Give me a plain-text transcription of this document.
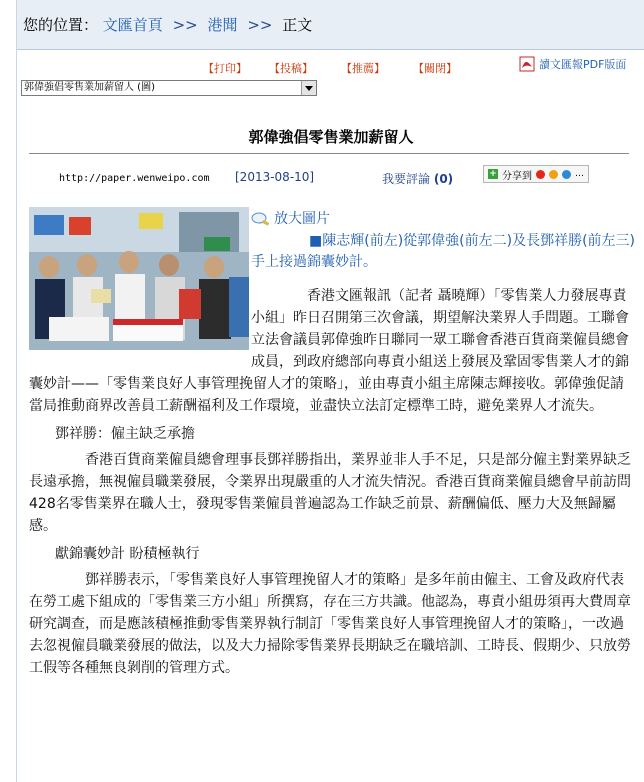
您的位置： 文匯首頁 >> 港聞 >> 正文
【打印】 【投稿】	【推薦】	【關閉】	讀文匯報PDF版面
郭偉強倡零售業加薪留人 (圖)
郭偉強倡零售業加薪留人
http://paper.wenweipo.com [2013-08-10]	我要評論 (0)	+ 分享到	…
放大圖片
■陳志輝(前左)從郭偉強(前左二)及長鄧祥勝(前左三)手上接過錦囊妙計。

香港文匯報訊（記者 聶曉輝）「零售業人力發展專責小組」昨日召開第三次會議，期望解決業界人手問題。工聯會立法會議員郭偉強昨日聯同一眾工聯會香港百貨商業僱員總會成員，到政府總部向專責小組送上發展及鞏固零售業人才的錦囊妙計——「零售業良好人事管理挽留人才的策略」，並由專責小組主席陳志輝接收。郭偉強促請當局推動商界改善員工薪酬福利及工作環境，並盡快立法訂定標準工時，避免業界人才流失。

鄧祥勝：僱主缺乏承擔

香港百貨商業僱員總會理事長鄧祥勝指出，業界並非人手不足，只是部分僱主對業界缺乏長遠承擔，無視僱員職業發展，令業界出現嚴重的人才流失情況。香港百貨商業僱員總會早前訪問428名零售業界在職人士，發現零售業僱員普遍認為工作缺乏前景、薪酬偏低、壓力大及無歸屬感。

獻錦囊妙計 盼積極執行

鄧祥勝表示，「零售業良好人事管理挽留人才的策略」是多年前由僱主、工會及政府代表在勞工處下組成的「零售業三方小組」所撰寫，存在三方共識。他認為，專責小組毋須再大費周章研究調查，而是應該積極推動零售業界執行制訂「零售業良好人事管理挽留人才的策略」，一改過去忽視僱員職業發展的做法，以及大力掃除零售業界長期缺乏在職培訓、工時長、假期少、只放勞工假等各種無良剝削的管理方式。
